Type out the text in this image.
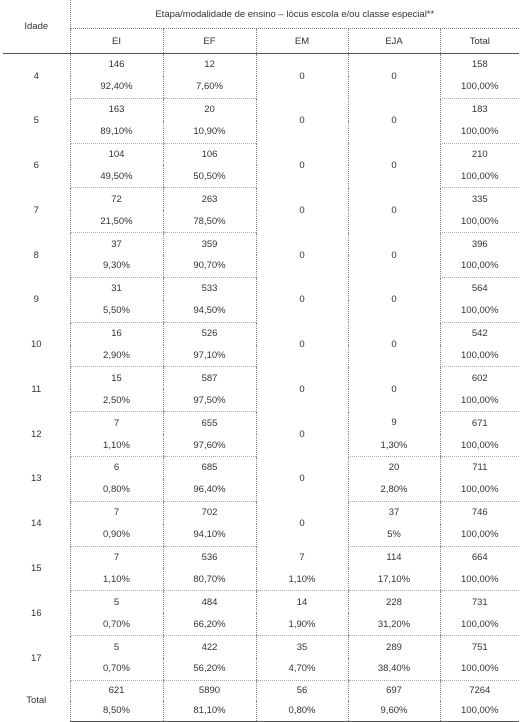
Idade	Etapa/modalidade de ensino – lócus escola e/ou classe especial**				
	EI	EF	EM	EJA	Total
4	146	12	0	0	158
	92,40%	7,60%			100,00%
5	163	20	0	0	183
	89,10%	10,90%			100,00%
6	104	106	0	0	210
	49,50%	50,50%			100,00%
7	72	263	0	0	335
	21,50%	78,50%			100,00%
8	37	359	0	0	396
	9,30%	90,70%			100,00%
9	31	533	0	0	564
	5,50%	94,50%			100,00%
10	16	526	0	0	542
	2,90%	97,10%			100,00%
11	15	587	0	0	602
	2,50%	97,50%			100,00%
12	7	655	0	9	671
	1,10%	97,60%		1,30%	100,00%
13	6	685	0	20	711
	0,80%	96,40%		2,80%	100,00%
14	7	702	0	37	746
	0,90%	94,10%		5%	100,00%
15	7	536	7	114	664
	1,10%	80,70%	1,10%	17,10%	100,00%
16	5	484	14	228	731
	0,70%	66,20%	1,90%	31,20%	100,00%
17	5	422	35	289	751
	0,70%	56,20%	4,70%	38,40%	100,00%
Total	621	5890	56	697	7264
	8,50%	81,10%	0,80%	9,60%	100,00%
